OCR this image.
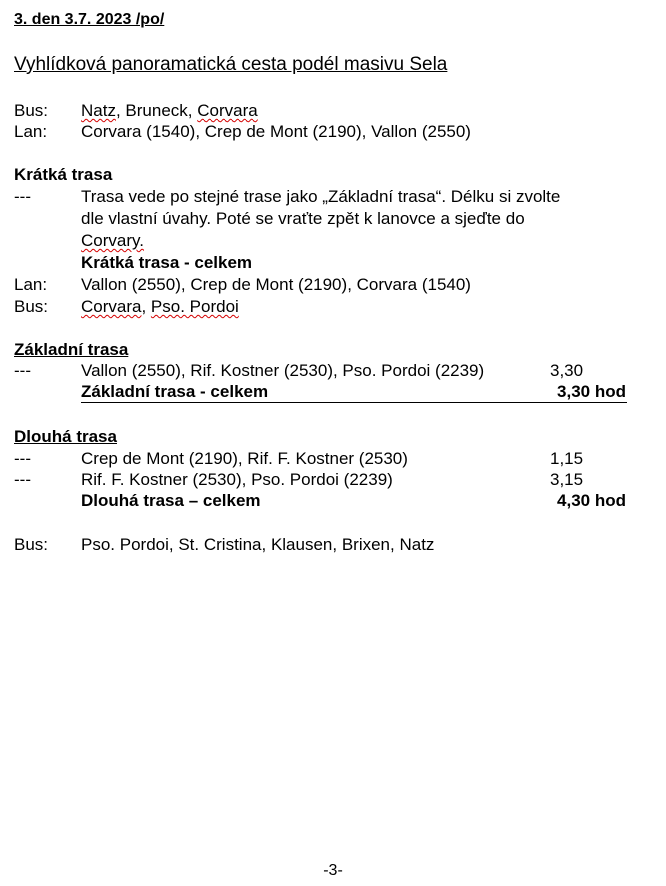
3. den 3.7. 2023 /po/
Vyhlídková panoramatická cesta podél masivu Sela
Bus: Natz, Bruneck, Corvara
Lan: Corvara (1540), Crep de Mont (2190), Vallon (2550)
Krátká trasa
---	Trasa vede po stejné trase jako „Základní trasa“. Délku si zvolte
dle vlastní úvahy. Poté se vraťte zpět k lanovce a sjeďte do
Corvary.
Krátká trasa - celkem
Lan: Vallon (2550), Crep de Mont (2190), Corvara (1540)
Bus: Corvara, Pso. Pordoi
Základní trasa
---	Vallon (2550), Rif. Kostner (2530), Pso. Pordoi (2239)	3,30
Základní trasa - celkem	3,30 hod
Dlouhá trasa
---	Crep de Mont (2190), Rif. F. Kostner (2530)	1,15
---	Rif. F. Kostner (2530), Pso. Pordoi (2239)	3,15
Dlouhá trasa – celkem	4,30 hod
Bus: Pso. Pordoi, St. Cristina, Klausen, Brixen, Natz
-3-
